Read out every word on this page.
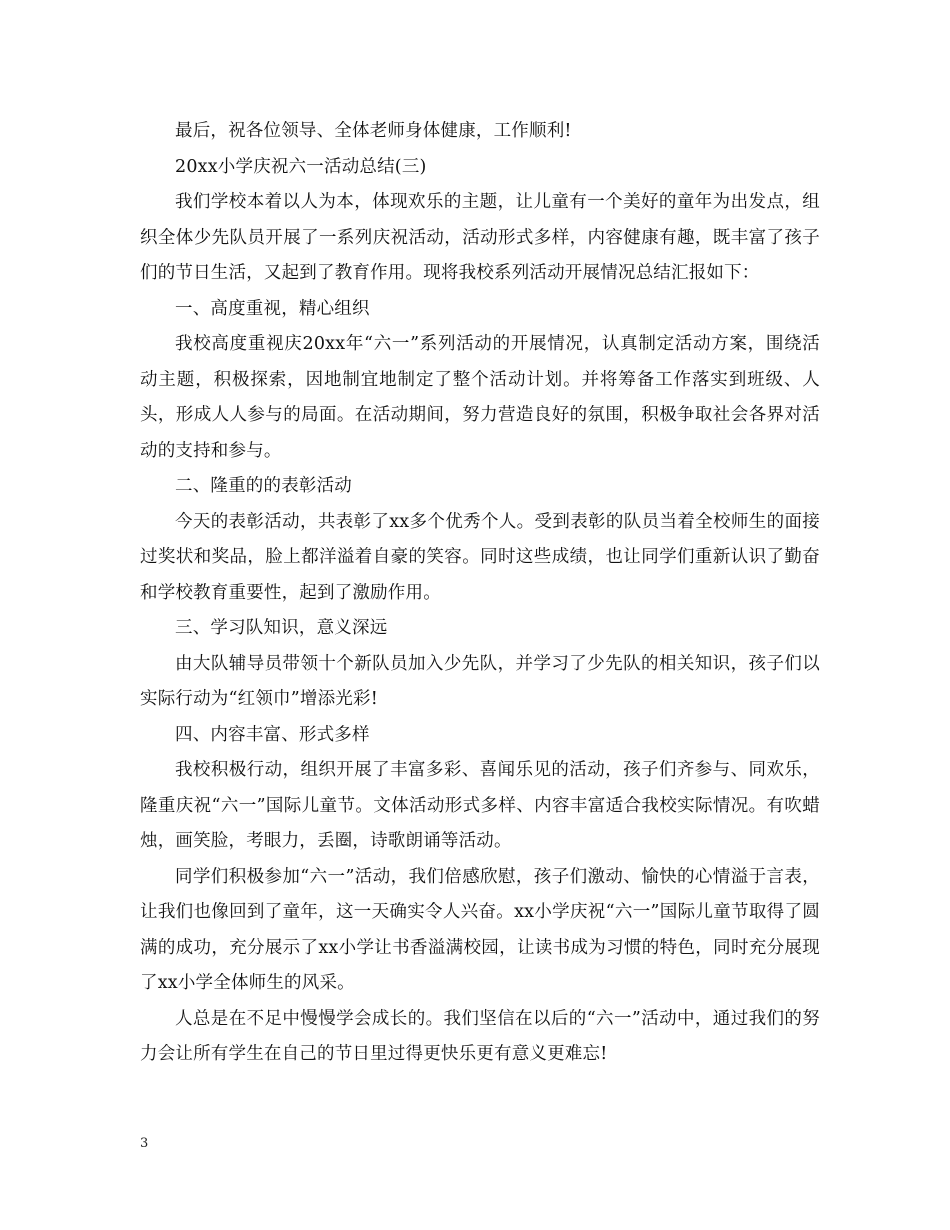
最后，祝各位领导、全体老师身体健康，工作顺利!

20xx小学庆祝六一活动总结(三)

我们学校本着以人为本，体现欢乐的主题，让儿童有一个美好的童年为出发点，组织全体少先队员开展了一系列庆祝活动，活动形式多样，内容健康有趣，既丰富了孩子们的节日生活，又起到了教育作用。现将我校系列活动开展情况总结汇报如下：

一、高度重视，精心组织

我校高度重视庆20xx年“六一”系列活动的开展情况，认真制定活动方案，围绕活动主题，积极探索，因地制宜地制定了整个活动计划。并将筹备工作落实到班级、人头，形成人人参与的局面。在活动期间，努力营造良好的氛围，积极争取社会各界对活动的支持和参与。

二、隆重的的表彰活动

今天的表彰活动，共表彰了xx多个优秀个人。受到表彰的队员当着全校师生的面接过奖状和奖品，脸上都洋溢着自豪的笑容。同时这些成绩，也让同学们重新认识了勤奋和学校教育重要性，起到了激励作用。

三、学习队知识，意义深远

由大队辅导员带领十个新队员加入少先队，并学习了少先队的相关知识，孩子们以实际行动为“红领巾”增添光彩!

四、内容丰富、形式多样

我校积极行动，组织开展了丰富多彩、喜闻乐见的活动，孩子们齐参与、同欢乐，隆重庆祝“六一”国际儿童节。文体活动形式多样、内容丰富适合我校实际情况。有吹蜡烛，画笑脸，考眼力，丢圈，诗歌朗诵等活动。

同学们积极参加“六一”活动，我们倍感欣慰，孩子们激动、愉快的心情溢于言表，让我们也像回到了童年，这一天确实令人兴奋。xx小学庆祝“六一”国际儿童节取得了圆满的成功，充分展示了xx小学让书香溢满校园，让读书成为习惯的特色，同时充分展现了xx小学全体师生的风采。

人总是在不足中慢慢学会成长的。我们坚信在以后的“六一”活动中，通过我们的努力会让所有学生在自己的节日里过得更快乐更有意义更难忘!

3
